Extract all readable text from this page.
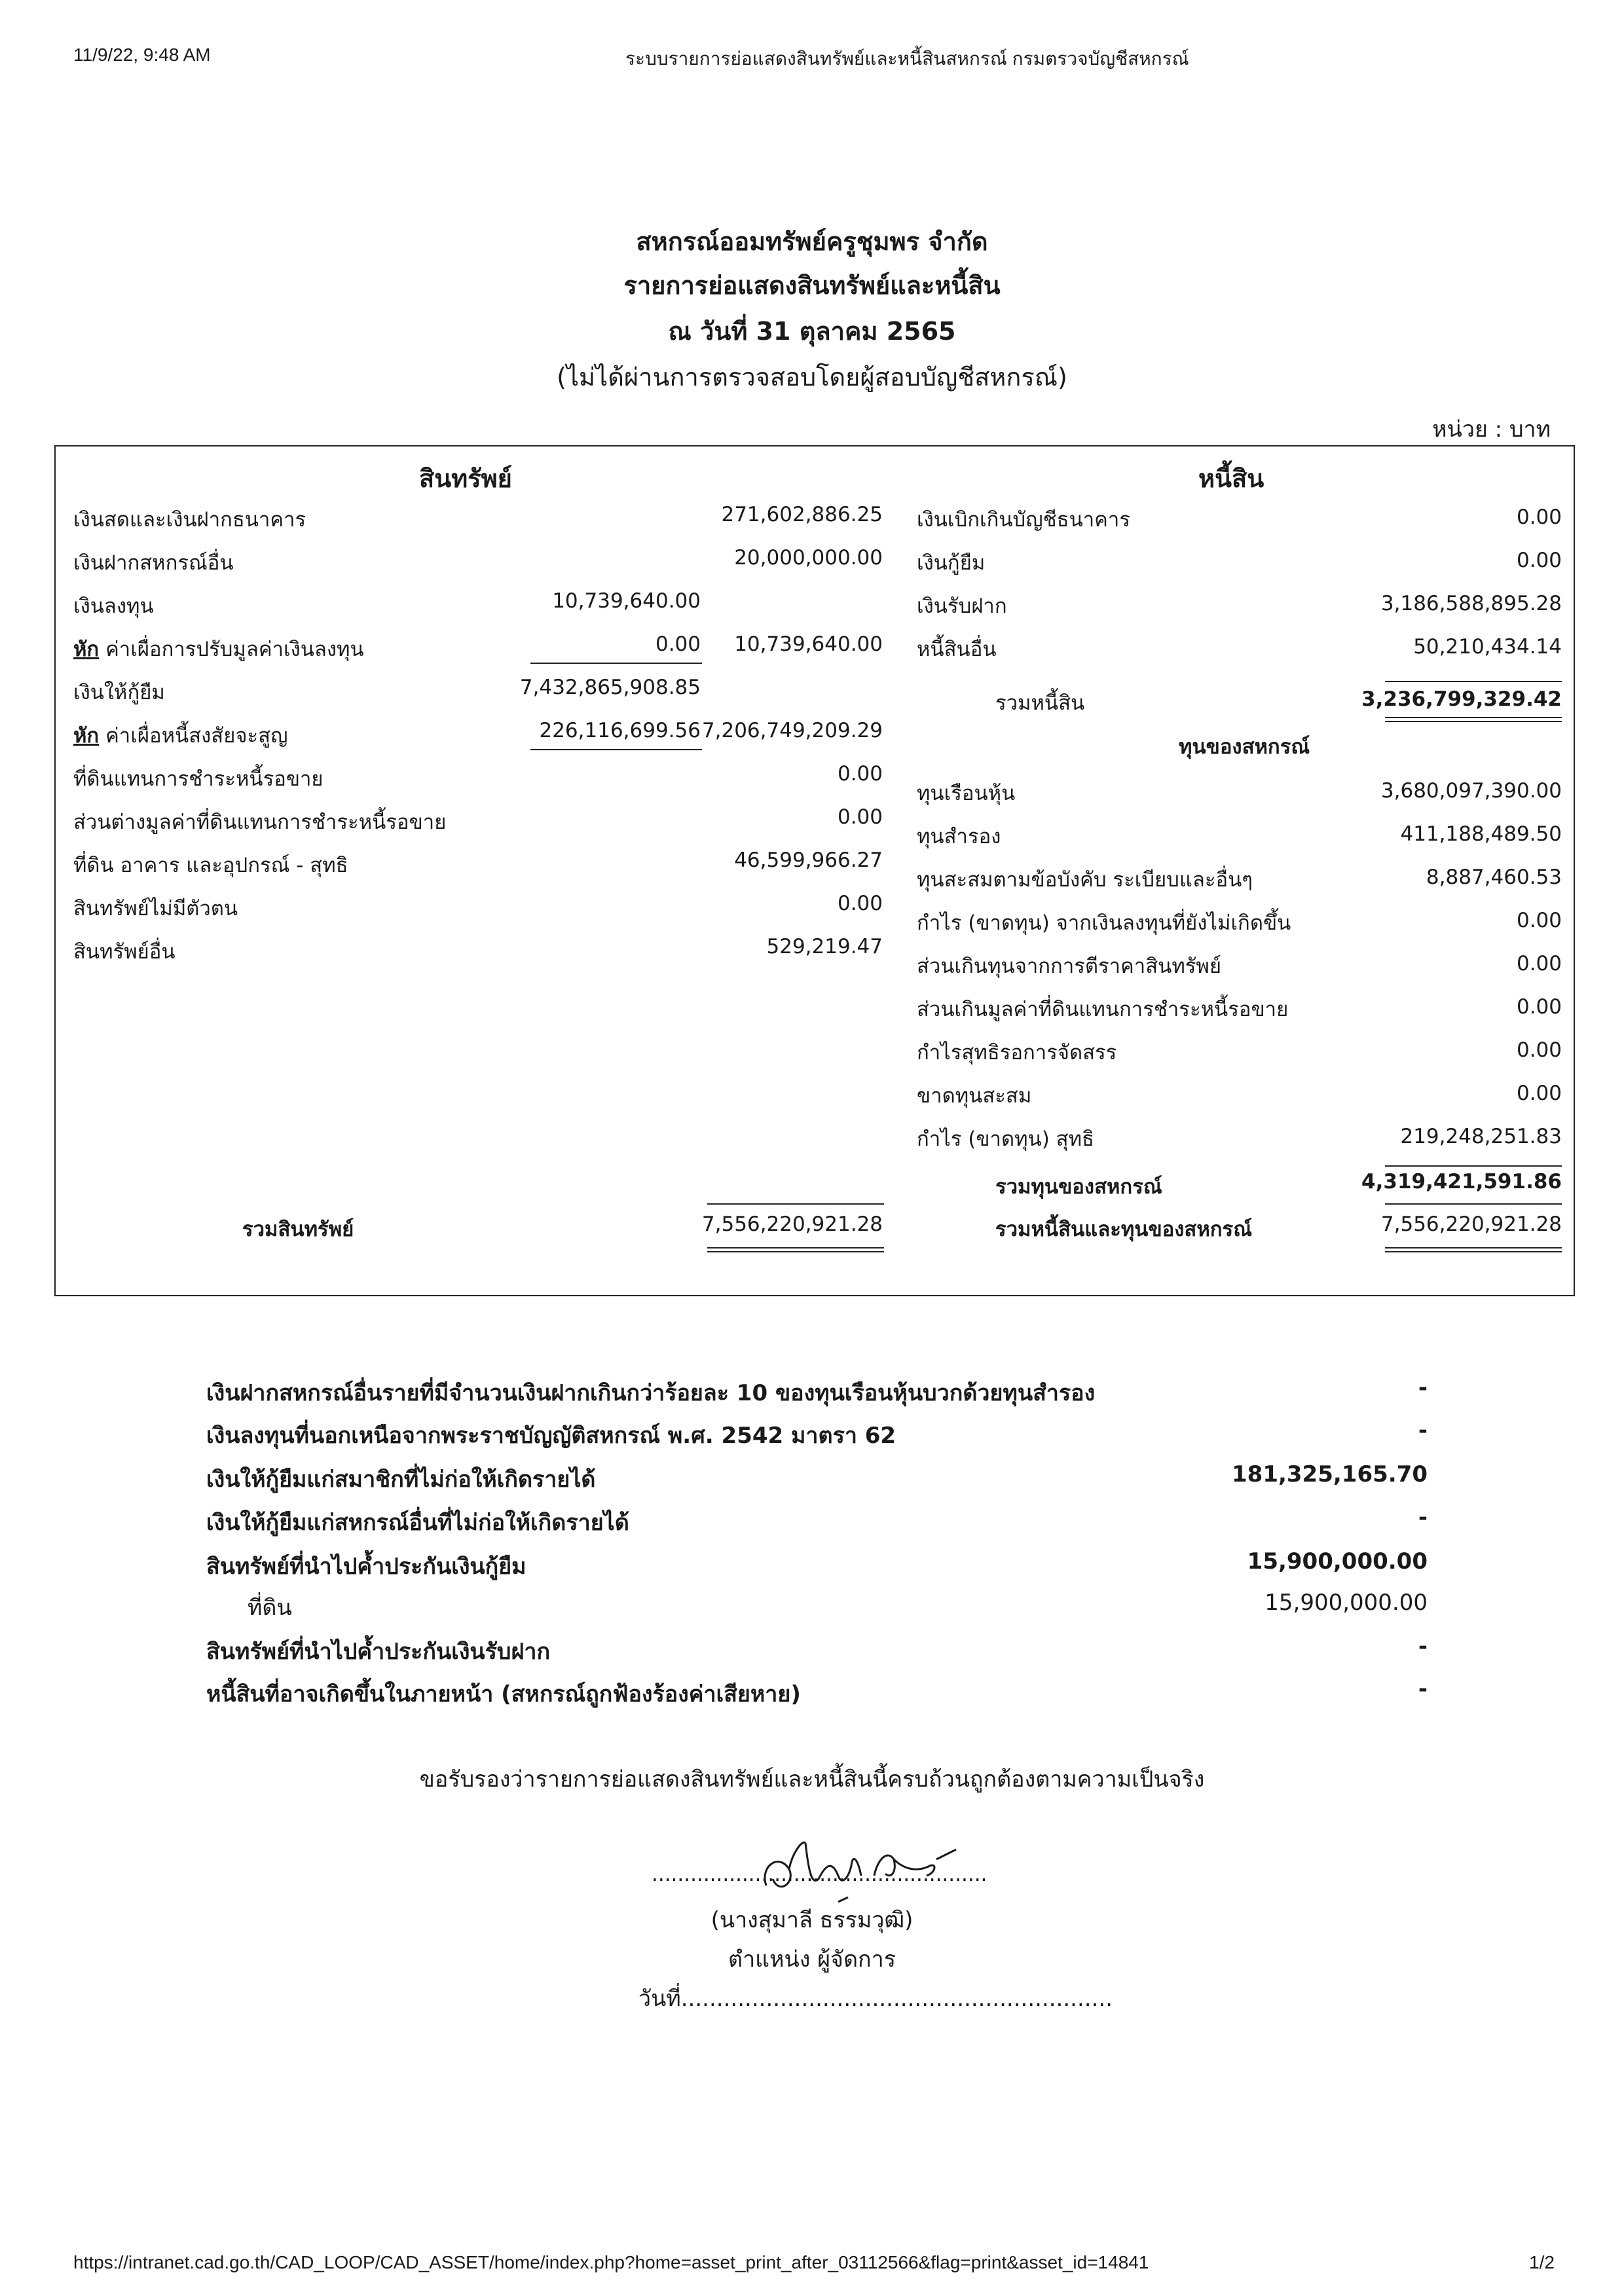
11/9/22, 9:48 AM	ระบบรายการย่อแสดงสินทรัพย์และหนี้สินสหกรณ์ กรมตรวจบัญชีสหกรณ์
สหกรณ์ออมทรัพย์ครูชุมพร จำกัด
รายการย่อแสดงสินทรัพย์และหนี้สิน
ณ วันที่ 31 ตุลาคม 2565
(ไม่ได้ผ่านการตรวจสอบโดยผู้สอบบัญชีสหกรณ์)
หน่วย : บาท
สินทรัพย์	หนี้สิน
เงินสดและเงินฝากธนาคาร	271,602,886.25
เงินฝากสหกรณ์อื่น	20,000,000.00
เงินลงทุน	10,739,640.00
หัก ค่าเผื่อการปรับมูลค่าเงินลงทุน	0.00	10,739,640.00
เงินให้กู้ยืม	7,432,865,908.85
หัก ค่าเผื่อหนี้สงสัยจะสูญ	226,116,699.56 7,206,749,209.29
ที่ดินแทนการชำระหนี้รอขาย	0.00
ส่วนต่างมูลค่าที่ดินแทนการชำระหนี้รอขาย	0.00
ที่ดิน อาคาร และอุปกรณ์ - สุทธิ	46,599,966.27
สินทรัพย์ไม่มีตัวตน	0.00
สินทรัพย์อื่น	529,219.47
เงินเบิกเกินบัญชีธนาคาร	0.00
เงินกู้ยืม	0.00
เงินรับฝาก	3,186,588,895.28
หนี้สินอื่น	50,210,434.14
ทุนเรือนหุ้น	3,680,097,390.00
ทุนสำรอง	411,188,489.50
ทุนสะสมตามข้อบังคับ ระเบียบและอื่นๆ	8,887,460.53
กำไร (ขาดทุน) จากเงินลงทุนที่ยังไม่เกิดขึ้น	0.00
ส่วนเกินทุนจากการตีราคาสินทรัพย์	0.00
ส่วนเกินมูลค่าที่ดินแทนการชำระหนี้รอขาย	0.00
กำไรสุทธิรอการจัดสรร	0.00
ขาดทุนสะสม	0.00
กำไร (ขาดทุน) สุทธิ	219,248,251.83
รวมสินทรัพย์	7,556,220,921.28
รวมหนี้สิน	3,236,799,329.42
ทุนของสหกรณ์
รวมทุนของสหกรณ์	4,319,421,591.86
รวมหนี้สินและทุนของสหกรณ์	7,556,220,921.28
เงินฝากสหกรณ์อื่นรายที่มีจำนวนเงินฝากเกินกว่าร้อยละ 10 ของทุนเรือนหุ้นบวกด้วยทุนสำรอง	-
เงินลงทุนที่นอกเหนือจากพระราชบัญญัติสหกรณ์ พ.ศ. 2542 มาตรา 62	-
เงินให้กู้ยืมแก่สมาชิกที่ไม่ก่อให้เกิดรายได้	181,325,165.70
เงินให้กู้ยืมแก่สหกรณ์อื่นที่ไม่ก่อให้เกิดรายได้	-
สินทรัพย์ที่นำไปค้ำประกันเงินกู้ยืม	15,900,000.00
ที่ดิน	15,900,000.00
สินทรัพย์ที่นำไปค้ำประกันเงินรับฝาก	-
หนี้สินที่อาจเกิดขึ้นในภายหน้า (สหกรณ์ถูกฟ้องร้องค่าเสียหาย)	-
ขอรับรองว่ารายการย่อแสดงสินทรัพย์และหนี้สินนี้ครบถ้วนถูกต้องตามความเป็นจริง
....................................................
(นางสุมาลี ธรรมวุฒิ)
ตำแหน่ง ผู้จัดการ
วันที่.............................................................
https://intranet.cad.go.th/CAD_LOOP/CAD_ASSET/home/index.php?home=asset_print_after_03112566&flag=print&asset_id=14841	1/2
